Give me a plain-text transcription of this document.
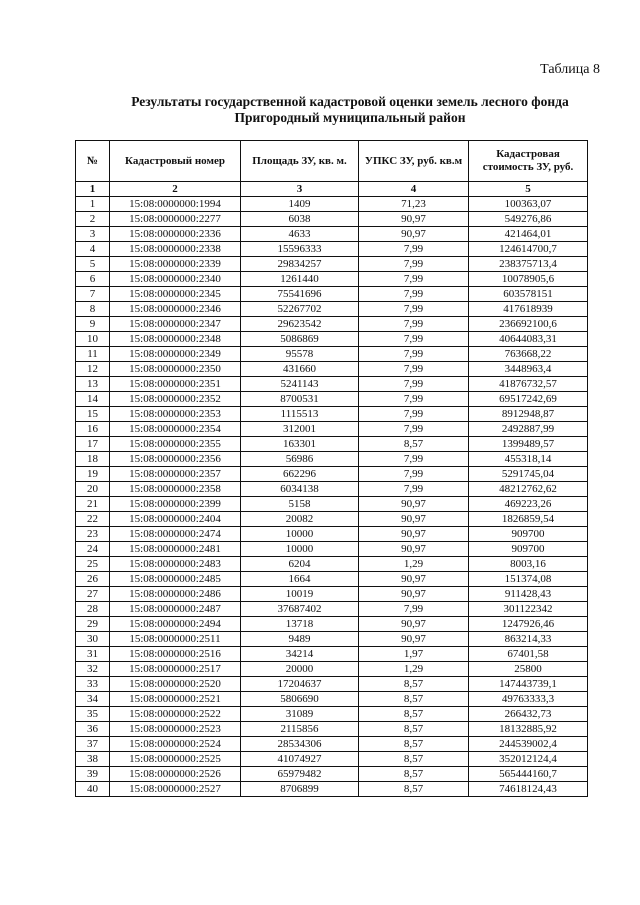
Таблица 8
Результаты государственной кадастровой оценки земель лесного фонда
Пригородный муниципальный район
№	Кадастровый номер	Площадь ЗУ, кв. м.	УПКС ЗУ, руб. кв.м	Кадастровая стоимость ЗУ, руб.
1	2	3	4	5
1	15:08:0000000:1994	1409	71,23	100363,07
2	15:08:0000000:2277	6038	90,97	549276,86
3	15:08:0000000:2336	4633	90,97	421464,01
4	15:08:0000000:2338	15596333	7,99	124614700,7
5	15:08:0000000:2339	29834257	7,99	238375713,4
6	15:08:0000000:2340	1261440	7,99	10078905,6
7	15:08:0000000:2345	75541696	7,99	603578151
8	15:08:0000000:2346	52267702	7,99	417618939
9	15:08:0000000:2347	29623542	7,99	236692100,6
10	15:08:0000000:2348	5086869	7,99	40644083,31
11	15:08:0000000:2349	95578	7,99	763668,22
12	15:08:0000000:2350	431660	7,99	3448963,4
13	15:08:0000000:2351	5241143	7,99	41876732,57
14	15:08:0000000:2352	8700531	7,99	69517242,69
15	15:08:0000000:2353	1115513	7,99	8912948,87
16	15:08:0000000:2354	312001	7,99	2492887,99
17	15:08:0000000:2355	163301	8,57	1399489,57
18	15:08:0000000:2356	56986	7,99	455318,14
19	15:08:0000000:2357	662296	7,99	5291745,04
20	15:08:0000000:2358	6034138	7,99	48212762,62
21	15:08:0000000:2399	5158	90,97	469223,26
22	15:08:0000000:2404	20082	90,97	1826859,54
23	15:08:0000000:2474	10000	90,97	909700
24	15:08:0000000:2481	10000	90,97	909700
25	15:08:0000000:2483	6204	1,29	8003,16
26	15:08:0000000:2485	1664	90,97	151374,08
27	15:08:0000000:2486	10019	90,97	911428,43
28	15:08:0000000:2487	37687402	7,99	301122342
29	15:08:0000000:2494	13718	90,97	1247926,46
30	15:08:0000000:2511	9489	90,97	863214,33
31	15:08:0000000:2516	34214	1,97	67401,58
32	15:08:0000000:2517	20000	1,29	25800
33	15:08:0000000:2520	17204637	8,57	147443739,1
34	15:08:0000000:2521	5806690	8,57	49763333,3
35	15:08:0000000:2522	31089	8,57	266432,73
36	15:08:0000000:2523	2115856	8,57	18132885,92
37	15:08:0000000:2524	28534306	8,57	244539002,4
38	15:08:0000000:2525	41074927	8,57	352012124,4
39	15:08:0000000:2526	65979482	8,57	565444160,7
40	15:08:0000000:2527	8706899	8,57	74618124,43
